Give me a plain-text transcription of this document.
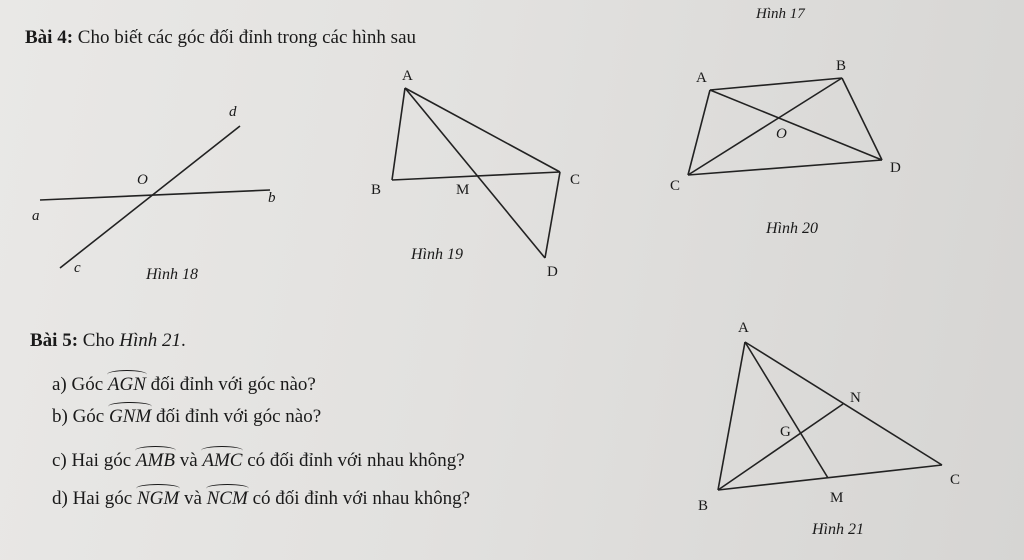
Hình 17
Bài 4: Cho biết các góc đối đỉnh trong các hình sau
d
O
b
a
c	Hình 18
A
B	M
C
Hình 19
D
A
B
O
D
C
Hình 20
Bài 5: Cho Hình 21.
a) Góc AGN đối đỉnh với góc nào?
b) Góc GNM đối đỉnh với góc nào?
c) Hai góc AMB và AMC có đối đỉnh với nhau không?
d) Hai góc NGM và NCM có đối đỉnh với nhau không?
A
N
G
C
B	M
Hình 21
